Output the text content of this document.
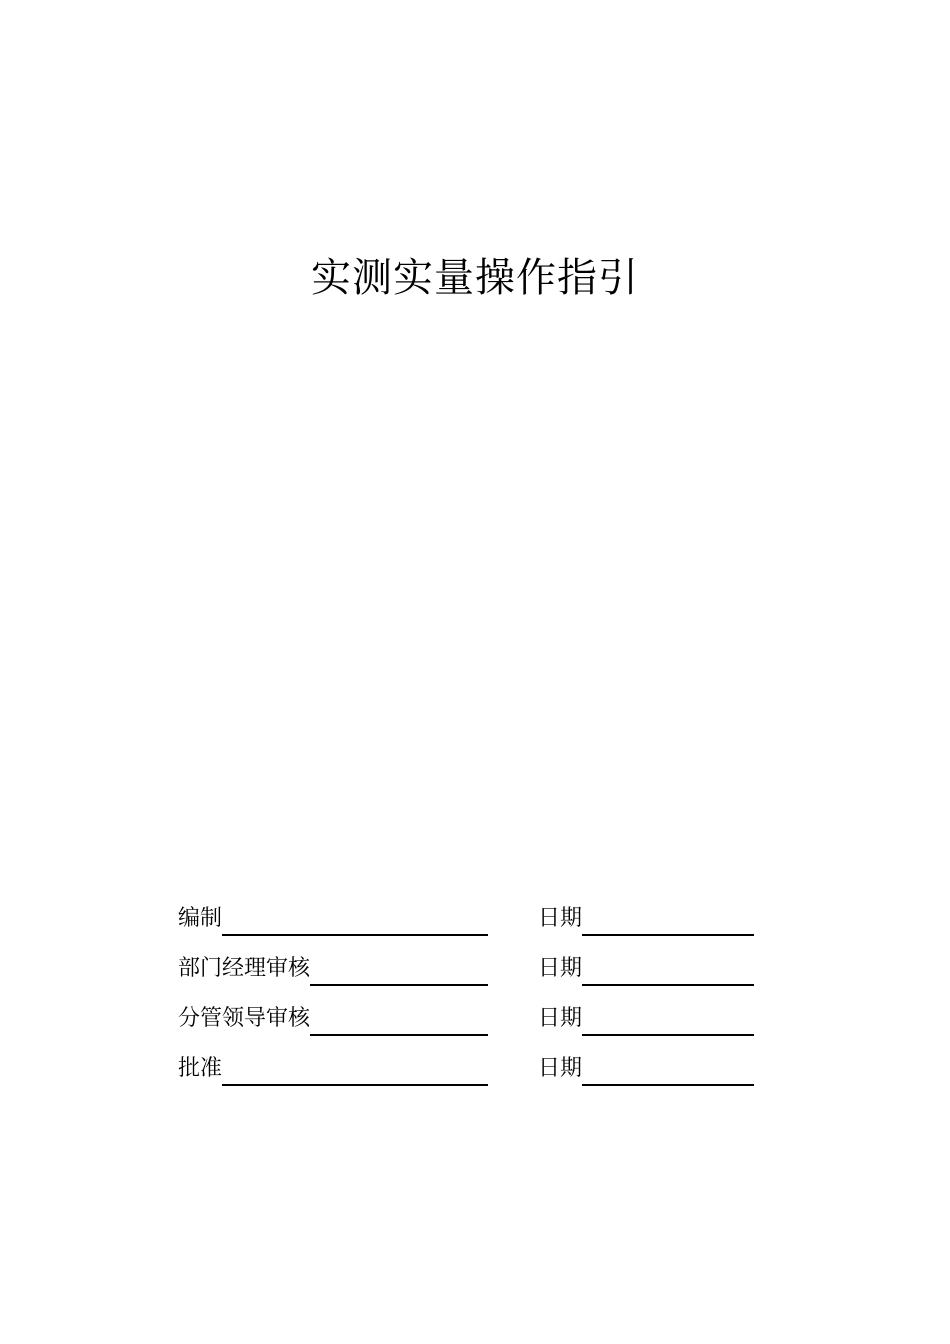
实测实量操作指引
编制	日期
部门经理审核	日期
分管领导审核	日期
批准	日期
